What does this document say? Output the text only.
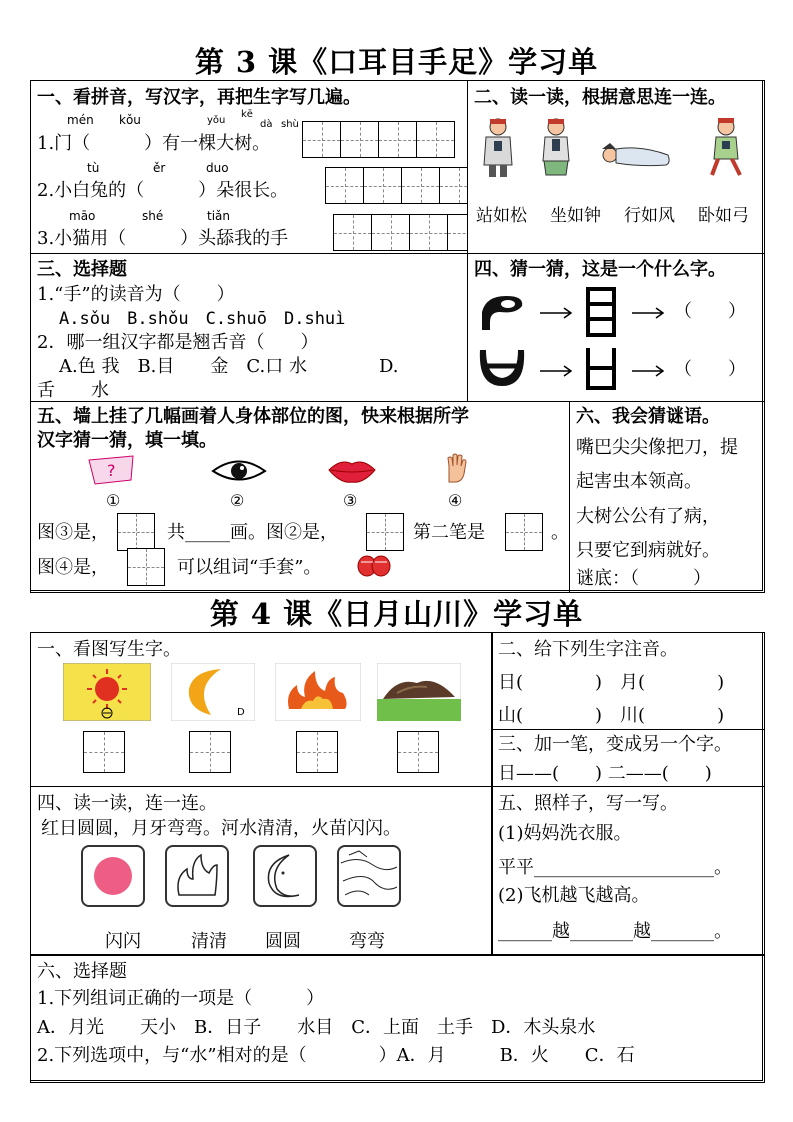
第 3 课《口耳目手足》学习单
一、看拼音，写汉字，再把生字写几遍。
mén kǒu	yǒu
kē
dà shù
1.门（　　　）有一棵大树。
tù	ěr	duo
2.小白兔的（　　　）朵很长。
māo	shé	tiǎn
3.小猫用（　　　）头舔我的手
二、读一读，根据意思连一连。
站如松 坐如钟 行如风 卧如弓
三、选择题
1.“手”的读音为（　　）
A.sǒu　B.shǒu　C.shuō　D.shuì
2．哪一组汉字都是翘舌音（　　）
A.色 我　B.目　　金　C.口 水　　　　D.
舌　　水
四、猜一猜，这是一个什么字。
（　　）
（　　）
五、墙上挂了几幅画着人身体部位的图，快来根据所学
汉字猜一猜，填一填。
?
①	②	③	④
图③是，	共_____画。图②是，	第二笔是	。
图④是，	可以组词“手套”。
六、我会猜谜语。
嘴巴尖尖像把刀，提
起害虫本领高。
大树公公有了病，
只要它到病就好。
谜底：（　　　）
第 4 课《日月山川》学习单
一、看图写生字。
D
二、给下列生字注音。
日(　　　　)　月(　　　　)
山(　　　　)　川(　　　　)
三、加一笔，变成另一个字。
日——(　　) 二——(　　)
四、读一读，连一连。
红日圆圆，月牙弯弯。河水清清，火苗闪闪。
闪闪	清清 圆圆	弯弯
五、照样子，写一写。
(1)妈妈洗衣服。
平平____________________。
(2)飞机越飞越高。
______越_______越_______。
六、选择题
1.下列组词正确的一项是（　　　）
A．月光　　天小　B．日子　　水目　C．上面　土手　D．木头泉水
2.下列选项中，与“水”相对的是（　　　　）A．月　　　B．火　　C．石
